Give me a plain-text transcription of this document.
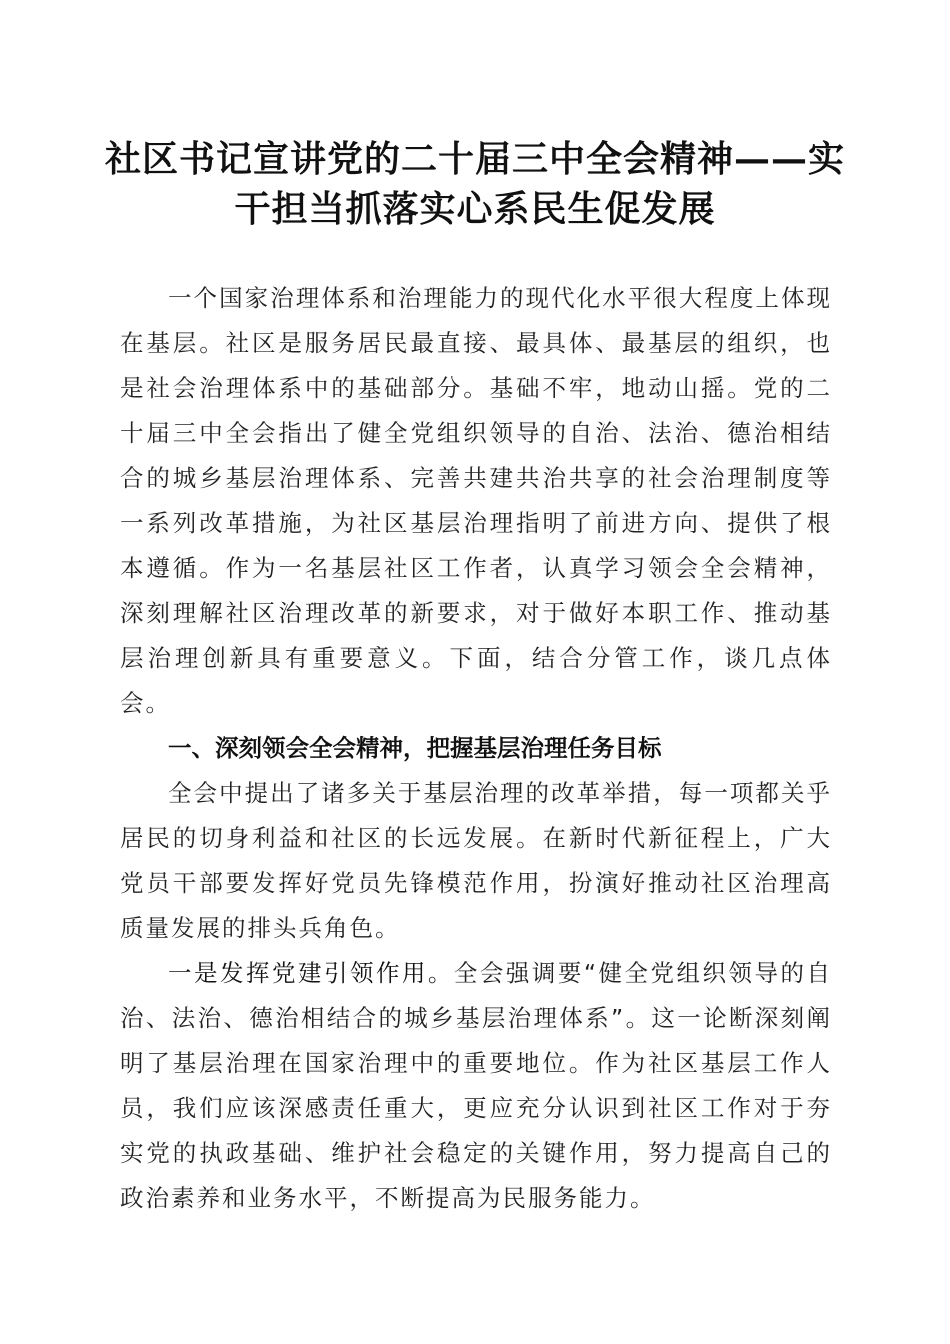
社区书记宣讲党的二十届三中全会精神——实干担当抓落实心系民生促发展

一个国家治理体系和治理能力的现代化水平很大程度上体现在基层。社区是服务居民最直接、最具体、最基层的组织，也是社会治理体系中的基础部分。基础不牢，地动山摇。党的二十届三中全会指出了健全党组织领导的自治、法治、德治相结合的城乡基层治理体系、完善共建共治共享的社会治理制度等一系列改革措施，为社区基层治理指明了前进方向、提供了根本遵循。作为一名基层社区工作者，认真学习领会全会精神，深刻理解社区治理改革的新要求，对于做好本职工作、推动基层治理创新具有重要意义。下面，结合分管工作，谈几点体会。

一、深刻领会全会精神，把握基层治理任务目标

全会中提出了诸多关于基层治理的改革举措，每一项都关乎居民的切身利益和社区的长远发展。在新时代新征程上，广大党员干部要发挥好党员先锋模范作用，扮演好推动社区治理高质量发展的排头兵角色。

一是发挥党建引领作用。全会强调要“健全党组织领导的自治、法治、德治相结合的城乡基层治理体系”。这一论断深刻阐明了基层治理在国家治理中的重要地位。作为社区基层工作人员，我们应该深感责任重大，更应充分认识到社区工作对于夯实党的执政基础、维护社会稳定的关键作用，努力提高自己的政治素养和业务水平，不断提高为民服务能力。
